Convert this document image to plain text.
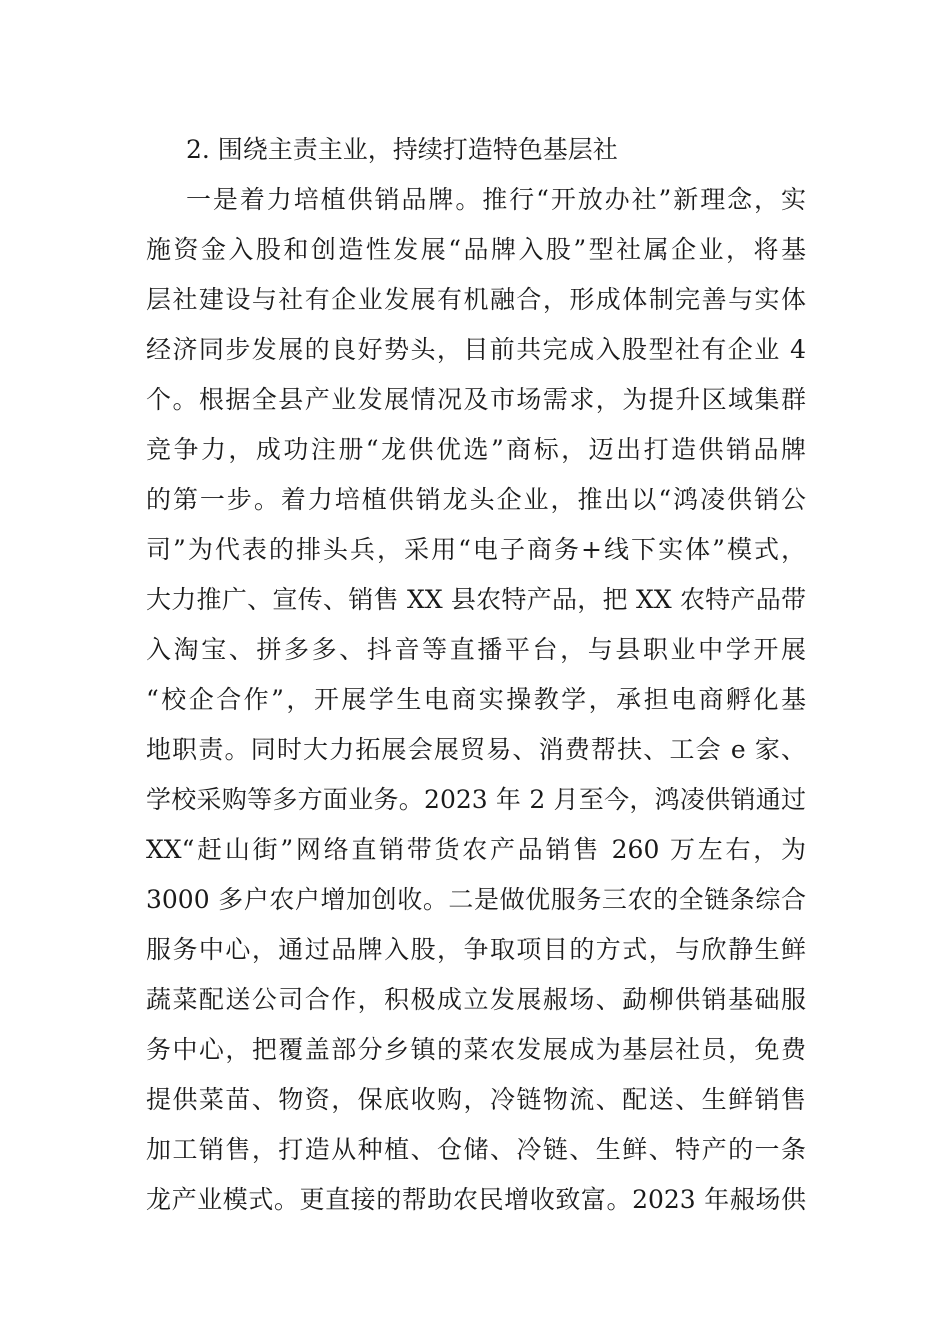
2. 围绕主责主业，持续打造特色基层社
一是着力培植供销品牌。推行“开放办社”新理念，实
施资金入股和创造性发展“品牌入股”型社属企业，将基
层社建设与社有企业发展有机融合，形成体制完善与实体
经济同步发展的良好势头，目前共完成入股型社有企业 4
个。根据全县产业发展情况及市场需求，为提升区域集群
竞争力，成功注册“龙供优选”商标，迈出打造供销品牌
的第一步。着力培植供销龙头企业，推出以“鸿凌供销公
司”为代表的排头兵，采用“电子商务+线下实体”模式，
大力推广、宣传、销售 XX 县农特产品，把 XX 农特产品带
入淘宝、拼多多、抖音等直播平台，与县职业中学开展
“校企合作”，开展学生电商实操教学，承担电商孵化基
地职责。同时大力拓展会展贸易、消费帮扶、工会 e 家、
学校采购等多方面业务。2023 年 2 月至今，鸿凌供销通过
XX“赶山街”网络直销带货农产品销售 260 万左右，为
3000 多户农户增加创收。二是做优服务三农的全链条综合
服务中心，通过品牌入股，争取项目的方式，与欣静生鲜
蔬菜配送公司合作，积极成立发展赧场、勐柳供销基础服
务中心，把覆盖部分乡镇的菜农发展成为基层社员，免费
提供菜苗、物资，保底收购，冷链物流、配送、生鲜销售
加工销售，打造从种植、仓储、冷链、生鲜、特产的一条
龙产业模式。更直接的帮助农民增收致富。2023 年赧场供
